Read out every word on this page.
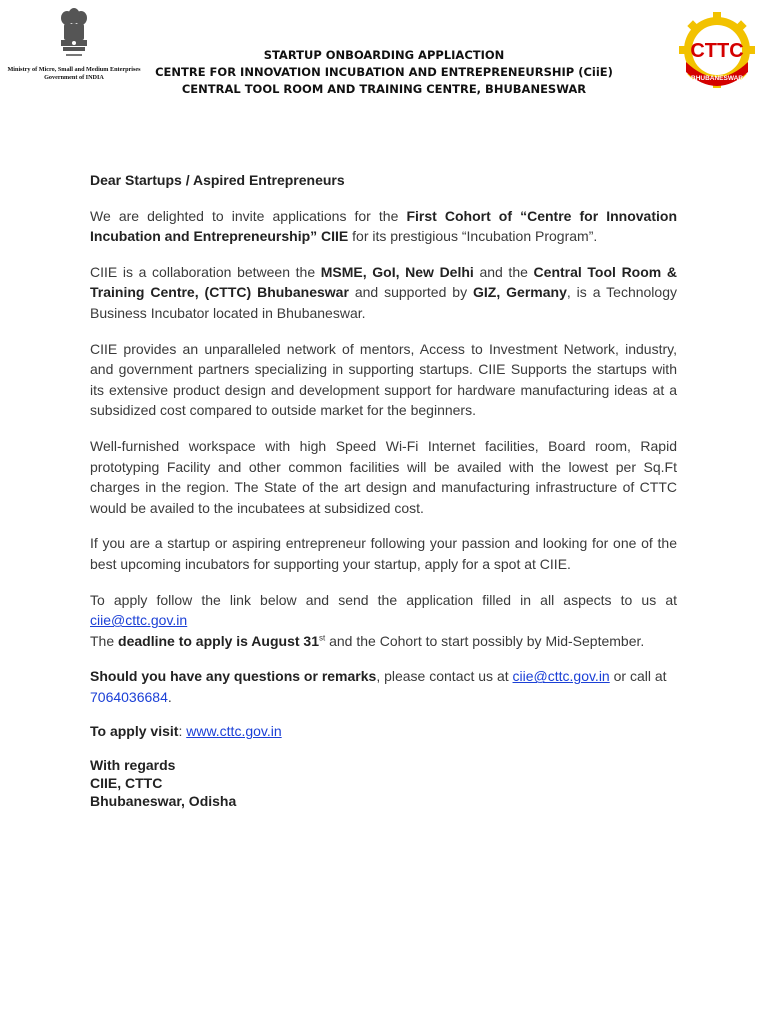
Ministry of Micro, Small and Medium Enterprises
Government of INDIA
STARTUP ONBOARDING APPLIACTION
CENTRE FOR INNOVATION INCUBATION AND ENTREPRENEURSHIP (CiiE)
CENTRAL TOOL ROOM AND TRAINING CENTRE, BHUBANESWAR
CTTC
BHUBANESWAR
Dear Startups / Aspired Entrepreneurs
We are delighted to invite applications for the First Cohort of “Centre for Innovation Incubation and Entrepreneurship” CIIE for its prestigious “Incubation Program”.
CIIE is a collaboration between the MSME, GoI, New Delhi and the Central Tool Room & Training Centre, (CTTC) Bhubaneswar and supported by GIZ, Germany, is a Technology Business Incubator located in Bhubaneswar.
CIIE provides an unparalleled network of mentors, Access to Investment Network, industry, and government partners specializing in supporting startups. CIIE Supports the startups with its extensive product design and development support for hardware manufacturing ideas at a subsidized cost compared to outside market for the beginners.
Well-furnished workspace with high Speed Wi-Fi Internet facilities, Board room, Rapid prototyping Facility and other common facilities will be availed with the lowest per Sq.Ft charges in the region. The State of the art design and manufacturing infrastructure of CTTC would be availed to the incubatees at subsidized cost.
If you are a startup or aspiring entrepreneur following your passion and looking for one of the best upcoming incubators for supporting your startup, apply for a spot at CIIE.
To apply follow the link below and send the application filled in all aspects to us at ciie@cttc.gov.in
The deadline to apply is August 31st and the Cohort to start possibly by Mid-September.
Should you have any questions or remarks, please contact us at ciie@cttc.gov.in or call at 7064036684.
To apply visit: www.cttc.gov.in
With regards
CIIE, CTTC
Bhubaneswar, Odisha
